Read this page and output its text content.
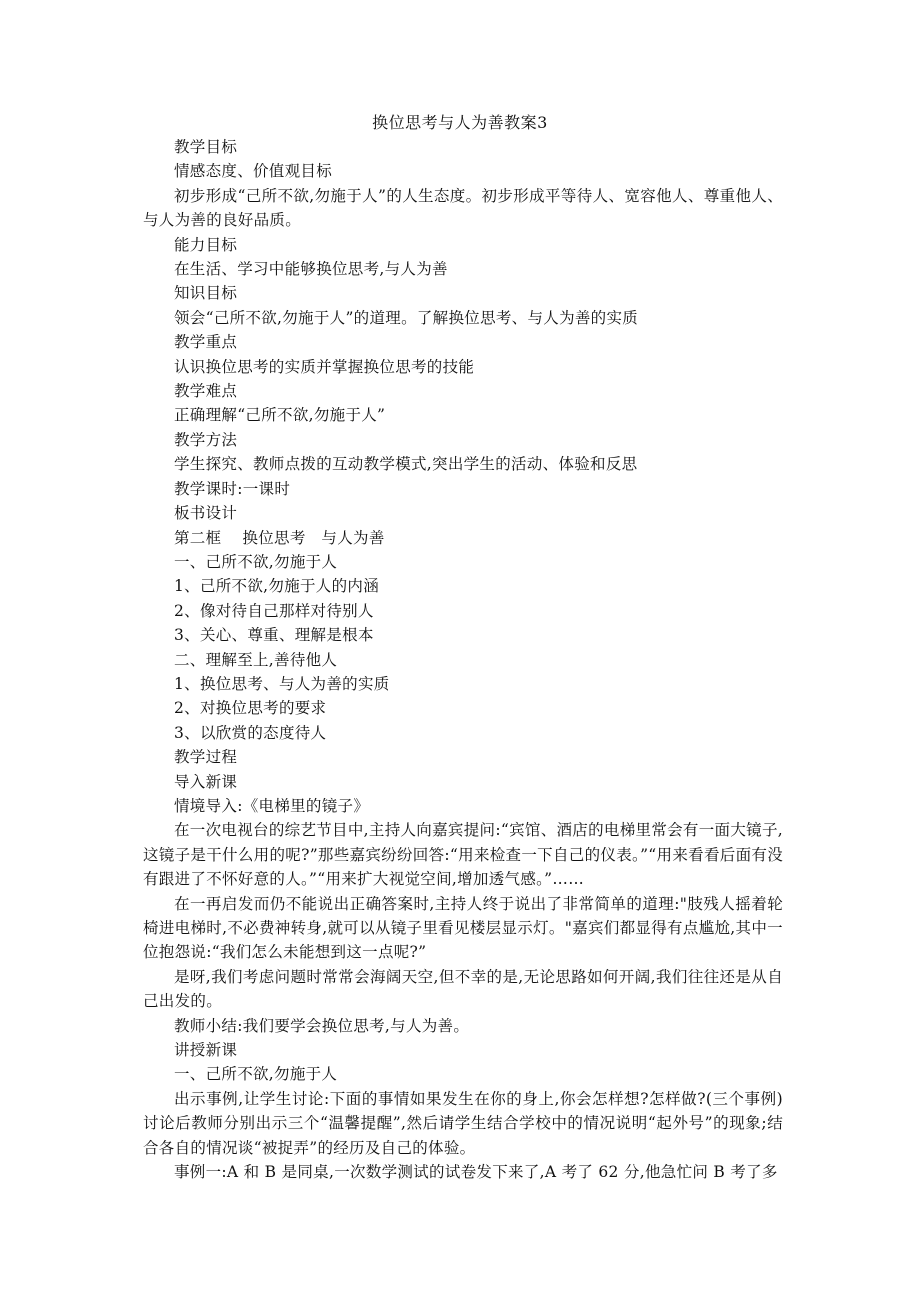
换位思考与人为善教案3

教学目标

情感态度、价值观目标

初步形成“己所不欲,勿施于人”的人生态度。初步形成平等待人、宽容他人、尊重他人、与人为善的良好品质。

能力目标

在生活、学习中能够换位思考,与人为善

知识目标

领会“己所不欲,勿施于人”的道理。了解换位思考、与人为善的实质

教学重点

认识换位思考的实质并掌握换位思考的技能

教学难点

正确理解“己所不欲,勿施于人”

教学方法

学生探究、教师点拨的互动教学模式,突出学生的活动、体验和反思

教学课时:一课时

板书设计

第二框　 换位思考　与人为善

一、己所不欲,勿施于人

1、己所不欲,勿施于人的内涵

2、像对待自己那样对待别人

3、关心、尊重、理解是根本

二、理解至上,善待他人

1、换位思考、与人为善的实质

2、对换位思考的要求

3、以欣赏的态度待人

教学过程

导入新课

情境导入:《电梯里的镜子》

在一次电视台的综艺节目中,主持人向嘉宾提问:“宾馆、酒店的电梯里常会有一面大镜子,这镜子是干什么用的呢?”那些嘉宾纷纷回答:“用来检查一下自己的仪表。”“用来看看后面有没有跟进了不怀好意的人。”“用来扩大视觉空间,增加透气感。”……

在一再启发而仍不能说出正确答案时,主持人终于说出了非常简单的道理:"肢残人摇着轮椅进电梯时,不必费神转身,就可以从镜子里看见楼层显示灯。"嘉宾们都显得有点尴尬,其中一位抱怨说:“我们怎么未能想到这一点呢?”

是呀,我们考虑问题时常常会海阔天空,但不幸的是,无论思路如何开阔,我们往往还是从自己出发的。

教师小结:我们要学会换位思考,与人为善。

讲授新课

一、己所不欲,勿施于人

出示事例,让学生讨论:下面的事情如果发生在你的身上,你会怎样想?怎样做?(三个事例)讨论后教师分别出示三个“温馨提醒”,然后请学生结合学校中的情况说明“起外号”的现象;结合各自的情况谈“被捉弄”的经历及自己的体验。

事例一:A 和 B 是同桌,一次数学测试的试卷发下来了,A 考了 62 分,他急忙问 B 考了多
